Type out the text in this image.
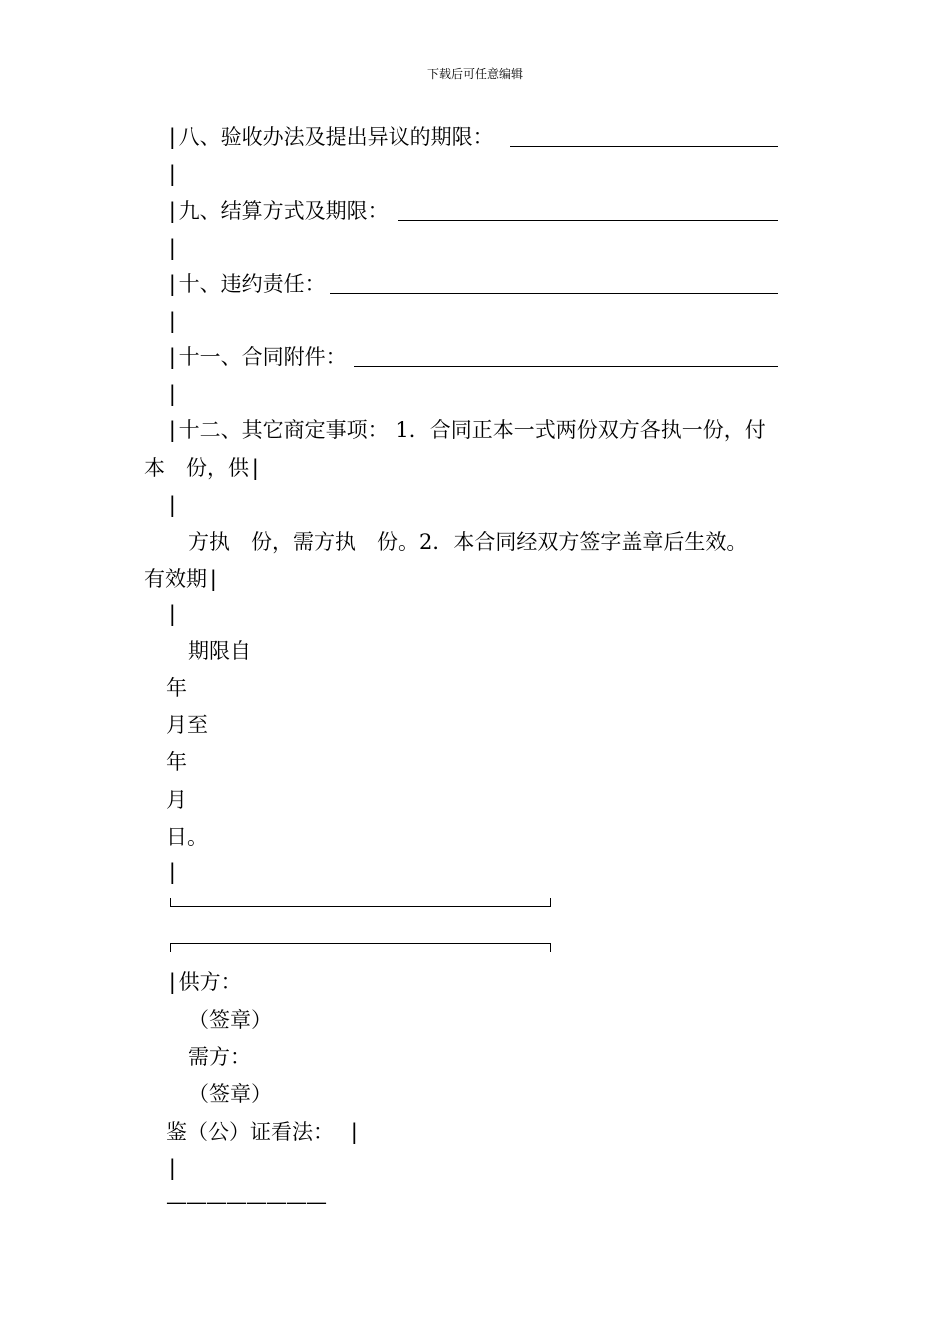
下载后可任意编辑
|八、验收办法及提出异议的期限：
|
|九、结算方式及期限：
|
|十、违约责任：
|
|十一、合同附件：
|
|十二、其它商定事项： 1．合同正本一式两份双方各执一份，付
本　份，供|
|
方执　份，需方执　份。2．本合同经双方签字盖章后生效。
有效期|
|
期限自
年
月至
年
月
日。
|
|供方：
（签章）
需方：
（签章）
鉴（公）证看法： |
|
————————
